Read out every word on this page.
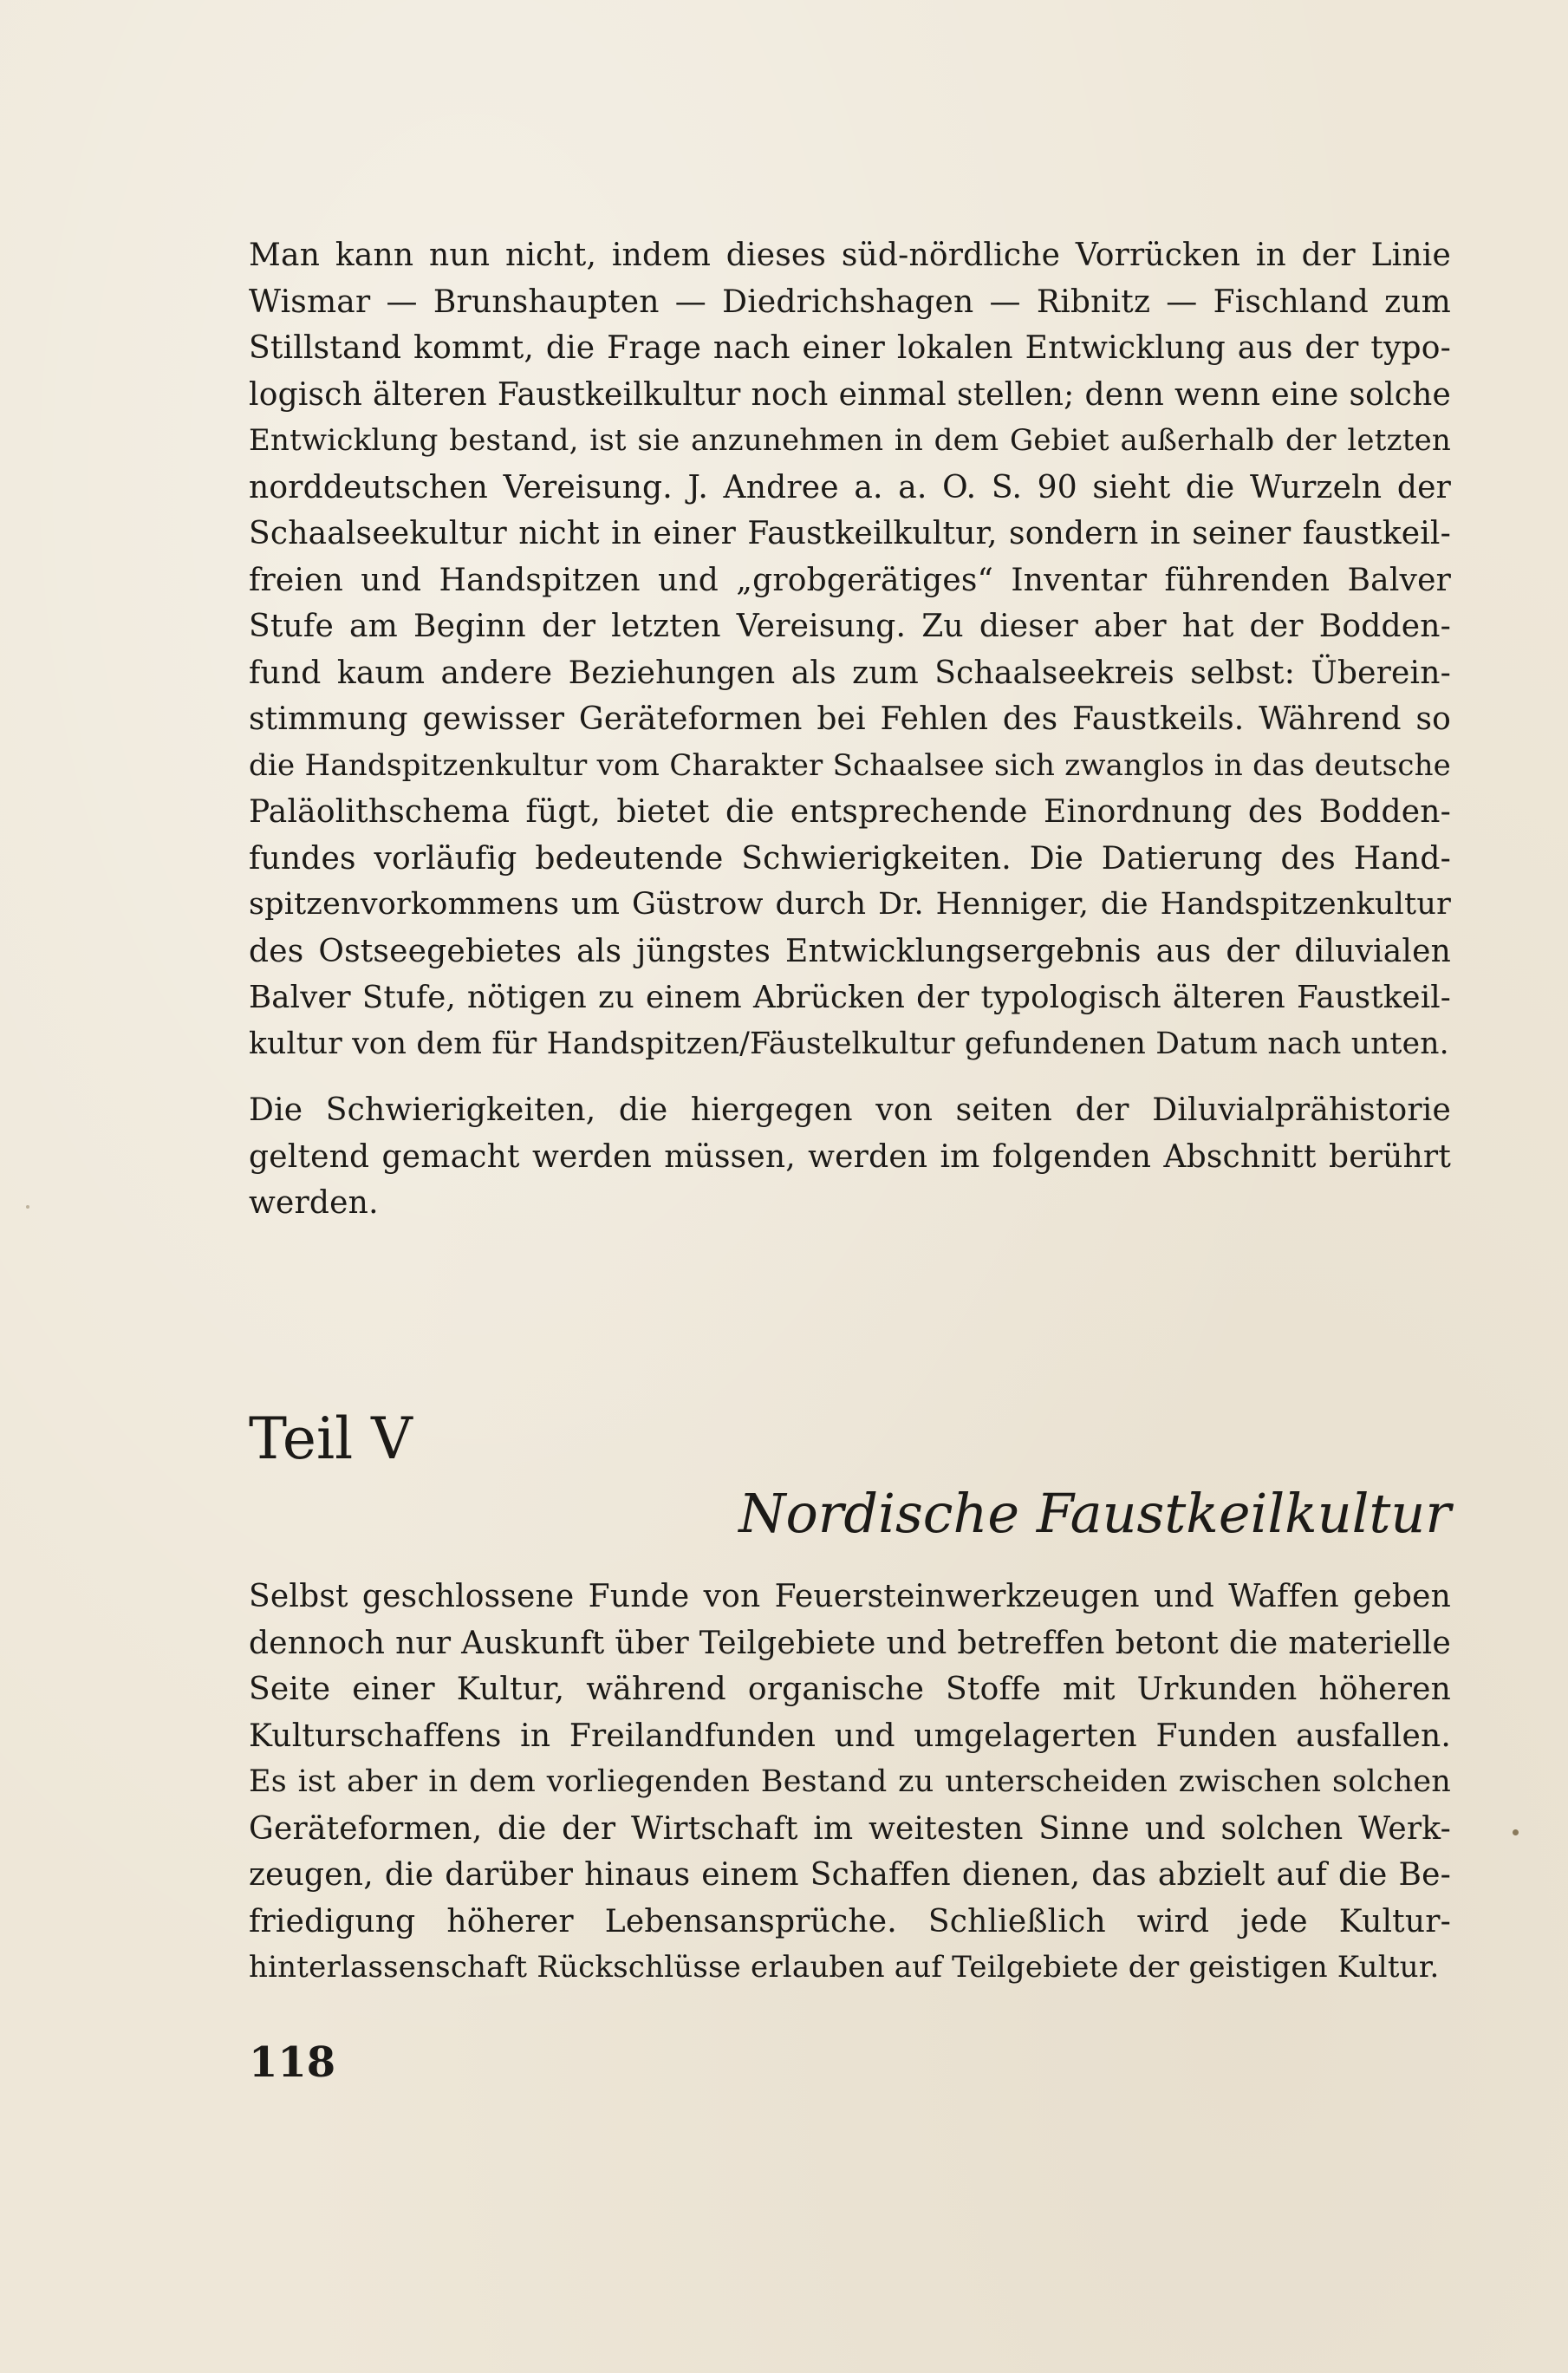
Man kann nun nicht, indem dieses süd-nördliche Vorrücken in der Linie
Wismar — Brunshaupten — Diedrichshagen — Ribnitz — Fischland zum
Stillstand kommt, die Frage nach einer lokalen Entwicklung aus der typo-
logisch älteren Faustkeilkultur noch einmal stellen; denn wenn eine solche
Entwicklung bestand, ist sie anzunehmen in dem Gebiet außerhalb der letzten
norddeutschen Vereisung. J. Andree a. a. O. S. 90 sieht die Wurzeln der
Schaalseekultur nicht in einer Faustkeilkultur, sondern in seiner faustkeil-
freien und Handspitzen und „grobgerätiges“ Inventar führenden Balver
Stufe am Beginn der letzten Vereisung. Zu dieser aber hat der Bodden-
fund kaum andere Beziehungen als zum Schaalseekreis selbst: Überein-
stimmung gewisser Geräteformen bei Fehlen des Faustkeils. Während so
die Handspitzenkultur vom Charakter Schaalsee sich zwanglos in das deutsche
Paläolithschema fügt, bietet die entsprechende Einordnung des Bodden-
fundes vorläufig bedeutende Schwierigkeiten. Die Datierung des Hand-
spitzenvorkommens um Güstrow durch Dr. Henniger, die Handspitzenkultur
des Ostseegebietes als jüngstes Entwicklungsergebnis aus der diluvialen
Balver Stufe, nötigen zu einem Abrücken der typologisch älteren Faustkeil-
kultur von dem für Handspitzen/Fäustelkultur gefundenen Datum nach unten.
Die Schwierigkeiten, die hiergegen von seiten der Diluvialprähistorie
geltend gemacht werden müssen, werden im folgenden Abschnitt berührt
werden.
Teil V
Nordische Faustkeilkultur
Selbst geschlossene Funde von Feuersteinwerkzeugen und Waffen geben
dennoch nur Auskunft über Teilgebiete und betreffen betont die materielle
Seite einer Kultur, während organische Stoffe mit Urkunden höheren
Kulturschaffens in Freilandfunden und umgelagerten Funden ausfallen.
Es ist aber in dem vorliegenden Bestand zu unterscheiden zwischen solchen
Geräteformen, die der Wirtschaft im weitesten Sinne und solchen Werk-
zeugen, die darüber hinaus einem Schaffen dienen, das abzielt auf die Be-
friedigung höherer Lebensansprüche. Schließlich wird jede Kultur-
hinterlassenschaft Rückschlüsse erlauben auf Teilgebiete der geistigen Kultur.
118
